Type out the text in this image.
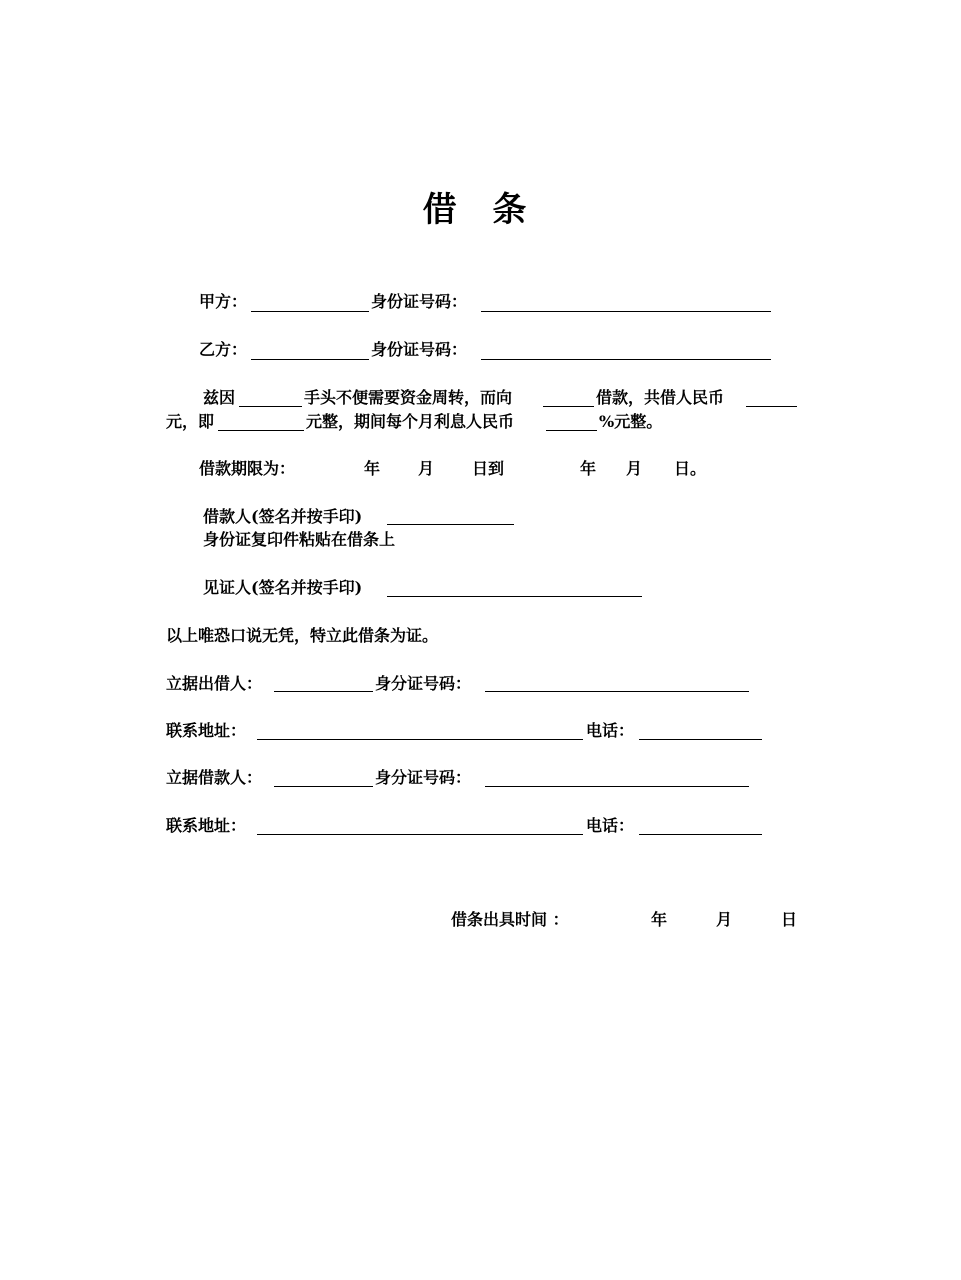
借 条
甲方：	身份证号码：
乙方：	身份证号码：
兹因	手头不便需要资金周转，而向	借款，共借人民币
元，即	元整，期间每个月利息人民币	%元整。
借款期限为：	年 月 日到	年 月 日。
借款人(签名并按手印)
身份证复印件粘贴在借条上
见证人(签名并按手印)
以上唯恐口说无凭，特立此借条为证。
立据出借人：	身分证号码：
联系地址：	电话：
立据借款人：	身分证号码：
联系地址：	电话：
借条出具时间 ：	年	月	日
